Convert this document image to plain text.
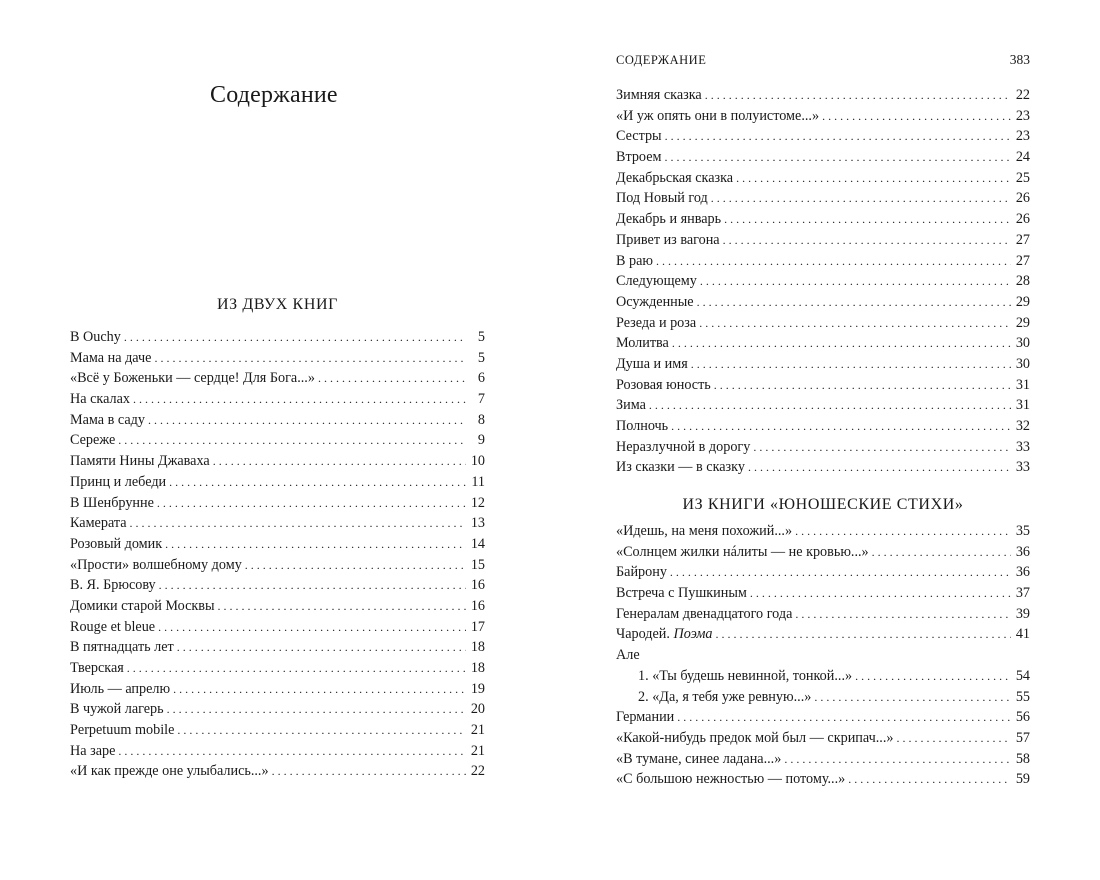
Содержание
ИЗ ДВУХ КНИГ
В Ouchy . . .	5
Мама на даче . . .	5
«Всё у Боженьки — сердце! Для Бога...» . . .	6
На скалах . . .	7
Мама в саду . . .	8
Сереже . . .	9
Памяти Нины Джаваха . . .	10
Принц и лебеди . . .	11
В Шенбрунне . . .	12
Камерата . . .	13
Розовый домик . . .	14
«Прости» волшебному дому . . .	15
В. Я. Брюсову . . .	16
Домики старой Москвы . . .	16
Rouge et bleue . . .	17
В пятнадцать лет . . .	18
Тверская . . .	18
Июль — апрелю . . .	19
В чужой лагерь . . .	20
Perpetuum mobile . . .	21
На заре . . .	21
«И как прежде оне улыбались...» . . .	22
СОДЕРЖАНИЕ	383
Зимняя сказка . . .	22
«И уж опять они в полуистоме...» . . .	23
Сестры . . .	23
Втроем . . .	24
Декабрьская сказка . . .	25
Под Новый год . . .	26
Декабрь и январь . . .	26
Привет из вагона . . .	27
В раю . . .	27
Следующему . . .	28
Осужденные . . .	29
Резеда и роза . . .	29
Молитва . . .	30
Душа и имя . . .	30
Розовая юность . . .	31
Зима . . .	31
Полночь . . .	32
Неразлучной в дорогу . . .	33
Из сказки — в сказку . . .	33
ИЗ КНИГИ «ЮНОШЕСКИЕ СТИХИ»
«Идешь, на меня похожий...» . . .	35
«Солнцем жилки нáлиты — не кровью...» . . .	36
Байрону . . .	36
Встреча с Пушкиным . . .	37
Генералам двенадцатого года . . .	39
Чародей. Поэма . . .	41
Але
1. «Ты будешь невинной, тонкой...» . . .	54
2. «Да, я тебя уже ревную...» . . .	55
Германии . . .	56
«Какой-нибудь предок мой был — скрипач...» . . .	57
«В тумане, синее ладана...» . . .	58
«С большою нежностью — потому...» . . .	59
